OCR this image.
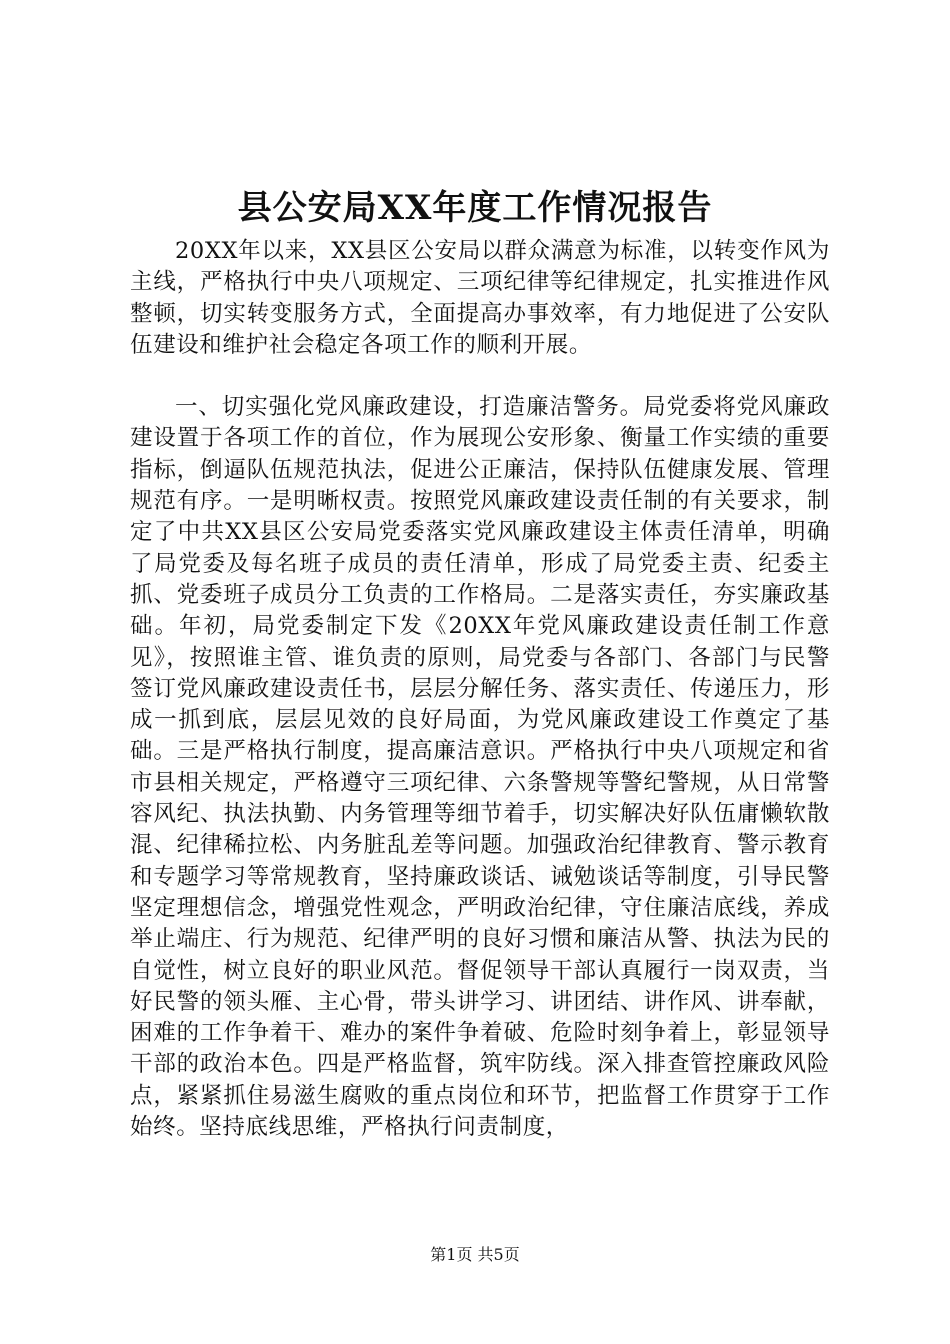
县公安局XX年度工作情况报告

20XX年以来，XX县区公安局以群众满意为标准，以转变作风为主线，严格执行中央八项规定、三项纪律等纪律规定，扎实推进作风整顿，切实转变服务方式，全面提高办事效率，有力地促进了公安队伍建设和维护社会稳定各项工作的顺利开展。

一、切实强化党风廉政建设，打造廉洁警务。局党委将党风廉政建设置于各项工作的首位，作为展现公安形象、衡量工作实绩的重要指标，倒逼队伍规范执法，促进公正廉洁，保持队伍健康发展、管理规范有序。一是明晰权责。按照党风廉政建设责任制的有关要求，制定了中共XX县区公安局党委落实党风廉政建设主体责任清单，明确了局党委及每名班子成员的责任清单，形成了局党委主责、纪委主抓、党委班子成员分工负责的工作格局。二是落实责任，夯实廉政基础。年初，局党委制定下发《20XX年党风廉政建设责任制工作意见》，按照谁主管、谁负责的原则，局党委与各部门、各部门与民警签订党风廉政建设责任书，层层分解任务、落实责任、传递压力，形成一抓到底，层层见效的良好局面，为党风廉政建设工作奠定了基础。三是严格执行制度，提高廉洁意识。严格执行中央八项规定和省市县相关规定，严格遵守三项纪律、六条警规等警纪警规，从日常警容风纪、执法执勤、内务管理等细节着手，切实解决好队伍庸懒软散混、纪律稀拉松、内务脏乱差等问题。加强政治纪律教育、警示教育和专题学习等常规教育，坚持廉政谈话、诫勉谈话等制度，引导民警坚定理想信念，增强党性观念，严明政治纪律，守住廉洁底线，养成举止端庄、行为规范、纪律严明的良好习惯和廉洁从警、执法为民的自觉性，树立良好的职业风范。督促领导干部认真履行一岗双责，当好民警的领头雁、主心骨，带头讲学习、讲团结、讲作风、讲奉献，困难的工作争着干、难办的案件争着破、危险时刻争着上，彰显领导干部的政治本色。四是严格监督，筑牢防线。深入排查管控廉政风险点，紧紧抓住易滋生腐败的重点岗位和环节，把监督工作贯穿于工作始终。坚持底线思维，严格执行问责制度，

第1页 共5页
